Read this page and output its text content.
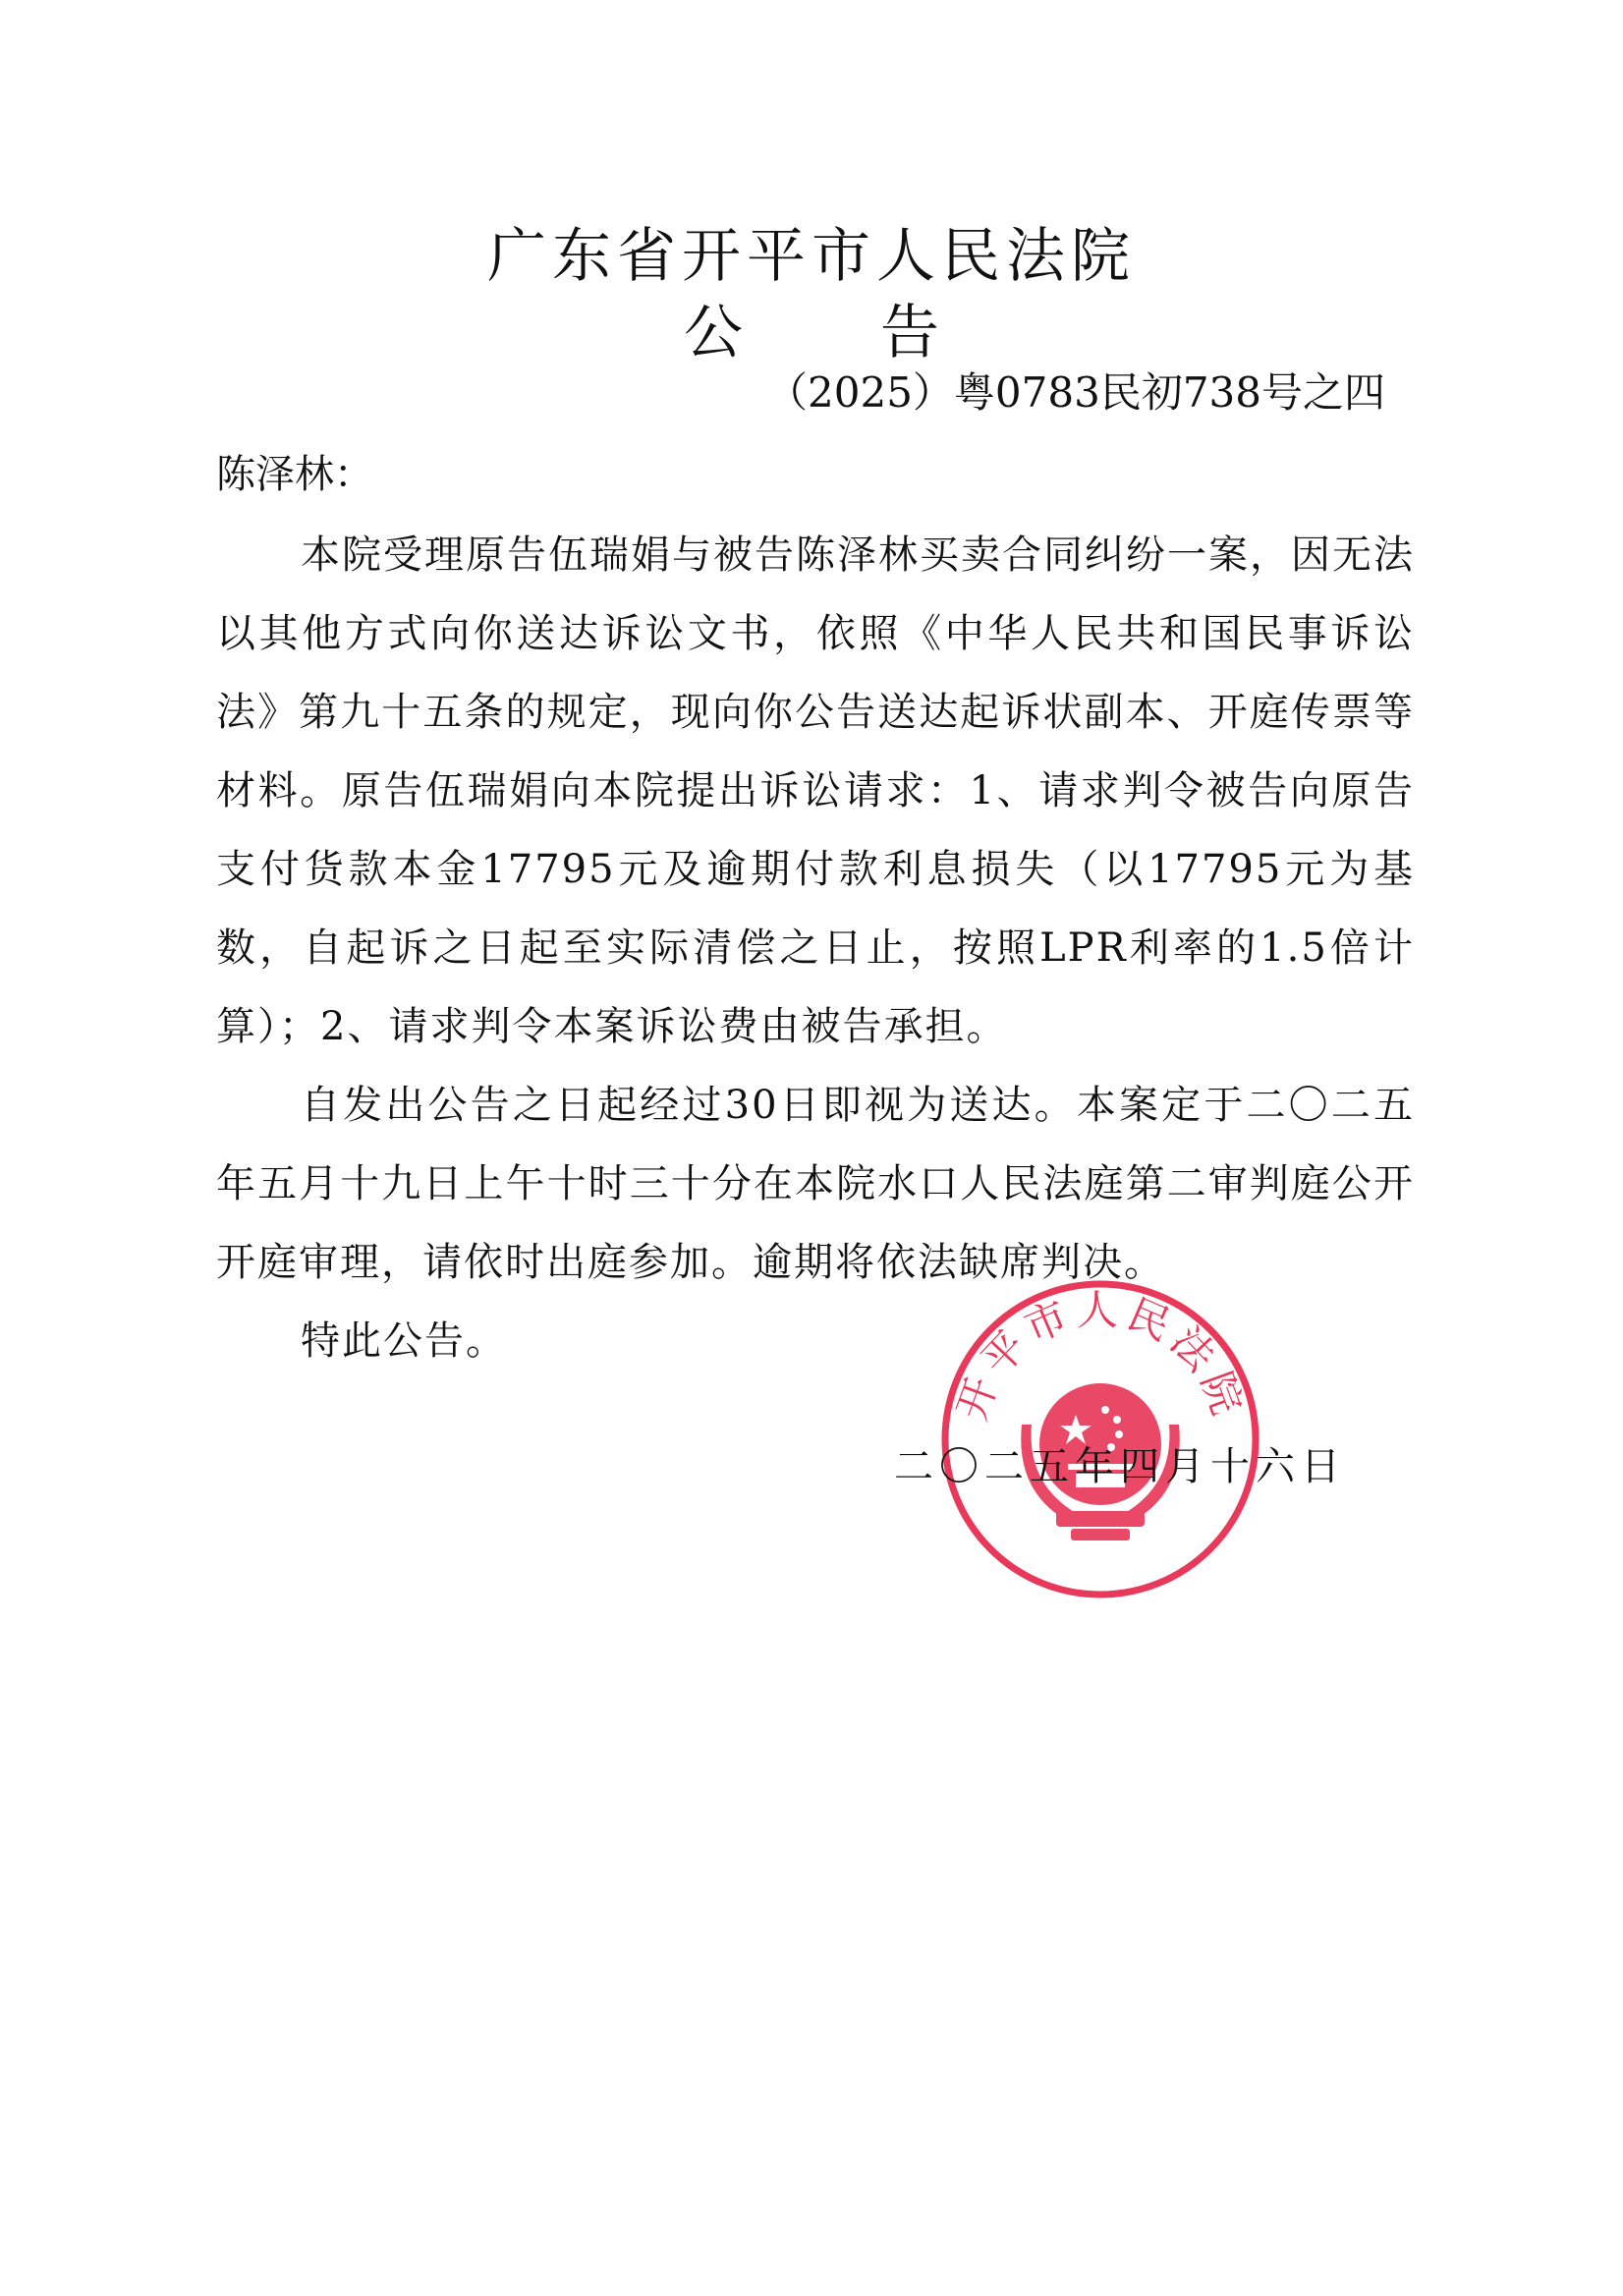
广东省开平市人民法院
公 告
（2025）粤0783民初738号之四
陈泽林：

本院受理原告伍瑞娟与被告陈泽林买卖合同纠纷一案，因无法以其他方式向你送达诉讼文书，依照《中华人民共和国民事诉讼法》第九十五条的规定，现向你公告送达起诉状副本、开庭传票等材料。原告伍瑞娟向本院提出诉讼请求：1、请求判令被告向原告支付货款本金17795元及逾期付款利息损失（以17795元为基数，自起诉之日起至实际清偿之日止，按照LPR利率的1.5倍计算）；2、请求判令本案诉讼费由被告承担。

自发出公告之日起经过30日即视为送达。本案定于二〇二五年五月十九日上午十时三十分在本院水口人民法庭第二审判庭公开开庭审理，请依时出庭参加。逾期将依法缺席判决。

特此公告。

开平市人民法院
二〇二五年四月十六日
